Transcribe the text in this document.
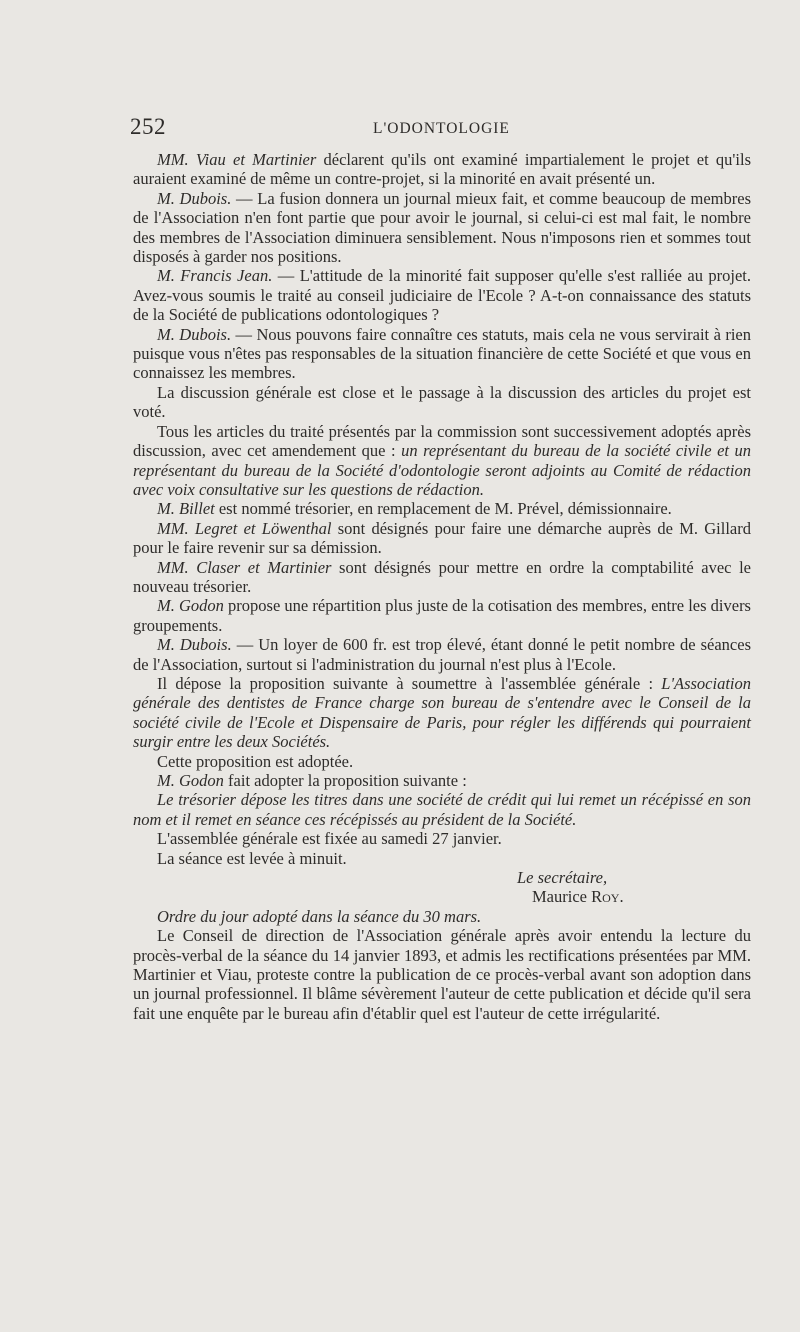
252	L'ODONTOLOGIE

MM. Viau et Martinier déclarent qu'ils ont examiné impartialement le projet et qu'ils auraient examiné de même un contre-projet, si la minorité en avait présenté un.

M. Dubois. — La fusion donnera un journal mieux fait, et comme beaucoup de membres de l'Association n'en font partie que pour avoir le journal, si celui-ci est mal fait, le nombre des membres de l'Association diminuera sensiblement. Nous n'imposons rien et sommes tout disposés à garder nos positions.

M. Francis Jean. — L'attitude de la minorité fait supposer qu'elle s'est ralliée au projet. Avez-vous soumis le traité au conseil judiciaire de l'Ecole ? A-t-on connaissance des statuts de la Société de publications odontologiques ?

M. Dubois. — Nous pouvons faire connaître ces statuts, mais cela ne vous servirait à rien puisque vous n'êtes pas responsables de la situation financière de cette Société et que vous en connaissez les membres.

La discussion générale est close et le passage à la discussion des articles du projet est voté.

Tous les articles du traité présentés par la commission sont successivement adoptés après discussion, avec cet amendement que : un représentant du bureau de la société civile et un représentant du bureau de la Société d'odontologie seront adjoints au Comité de rédaction avec voix consultative sur les questions de rédaction.

M. Billet est nommé trésorier, en remplacement de M. Prével, démissionnaire.

MM. Legret et Löwenthal sont désignés pour faire une démarche auprès de M. Gillard pour le faire revenir sur sa démission.

MM. Claser et Martinier sont désignés pour mettre en ordre la comptabilité avec le nouveau trésorier.

M. Godon propose une répartition plus juste de la cotisation des membres, entre les divers groupements.

M. Dubois. — Un loyer de 600 fr. est trop élevé, étant donné le petit nombre de séances de l'Association, surtout si l'administration du journal n'est plus à l'Ecole.

Il dépose la proposition suivante à soumettre à l'assemblée générale : L'Association générale des dentistes de France charge son bureau de s'entendre avec le Conseil de la société civile de l'Ecole et Dispensaire de Paris, pour régler les différends qui pourraient surgir entre les deux Sociétés.

Cette proposition est adoptée.

M. Godon fait adopter la proposition suivante :

Le trésorier dépose les titres dans une société de crédit qui lui remet un récépissé en son nom et il remet en séance ces récépissés au président de la Société.

L'assemblée générale est fixée au samedi 27 janvier.

La séance est levée à minuit.

Le secrétaire,

Maurice Roy.

Ordre du jour adopté dans la séance du 30 mars.

Le Conseil de direction de l'Association générale après avoir entendu la lecture du procès-verbal de la séance du 14 janvier 1893, et admis les rectifications présentées par MM. Martinier et Viau, proteste contre la publication de ce procès-verbal avant son adoption dans un journal professionnel. Il blâme sévèrement l'auteur de cette publication et décide qu'il sera fait une enquête par le bureau afin d'établir quel est l'auteur de cette irrégularité.
